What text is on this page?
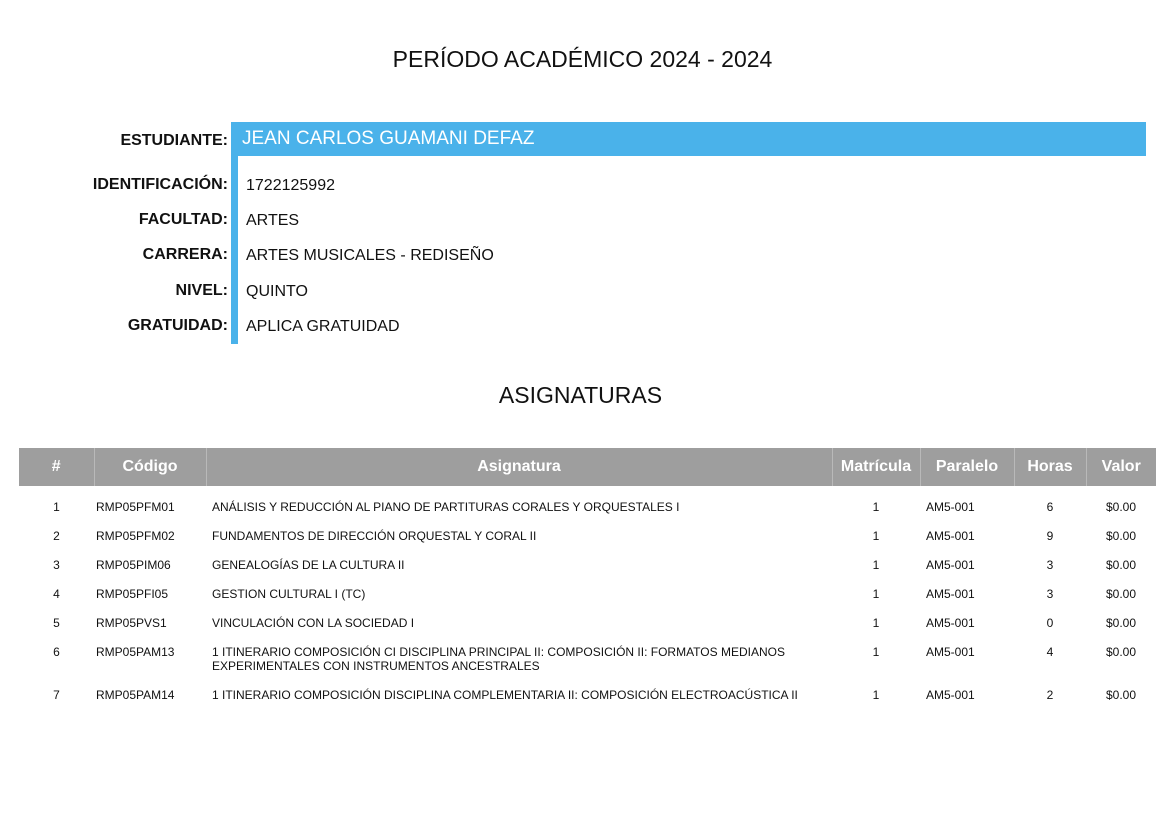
PERÍODO ACADÉMICO 2024 - 2024
ESTUDIANTE: JEAN CARLOS GUAMANI DEFAZ
IDENTIFICACIÓN: 1722125992
FACULTAD: ARTES
CARRERA: ARTES MUSICALES - REDISEÑO
NIVEL: QUINTO
GRATUIDAD: APLICA GRATUIDAD
ASIGNATURAS
#	Código	Asignatura	Matrícula	Paralelo	Horas	Valor

1	RMP05PFM01	ANÁLISIS Y REDUCCIÓN AL PIANO DE PARTITURAS CORALES Y ORQUESTALES I	1	AM5-001	6	$0.00
2	RMP05PFM02	FUNDAMENTOS DE DIRECCIÓN ORQUESTAL Y CORAL II	1	AM5-001	9	$0.00
3	RMP05PIM06	GENEALOGÍAS DE LA CULTURA II	1	AM5-001	3	$0.00
4	RMP05PFI05	GESTION CULTURAL I (TC)	1	AM5-001	3	$0.00
5	RMP05PVS1	VINCULACIÓN CON LA SOCIEDAD I	1	AM5-001	0	$0.00
6	RMP05PAM13	1 ITINERARIO COMPOSICIÓN CI DISCIPLINA PRINCIPAL II: COMPOSICIÓN II: FORMATOS MEDIANOS EXPERIMENTALES CON INSTRUMENTOS ANCESTRALES	1	AM5-001	4	$0.00
7	RMP05PAM14	1 ITINERARIO COMPOSICIÓN DISCIPLINA COMPLEMENTARIA II: COMPOSICIÓN ELECTROACÚSTICA II	1	AM5-001	2	$0.00
